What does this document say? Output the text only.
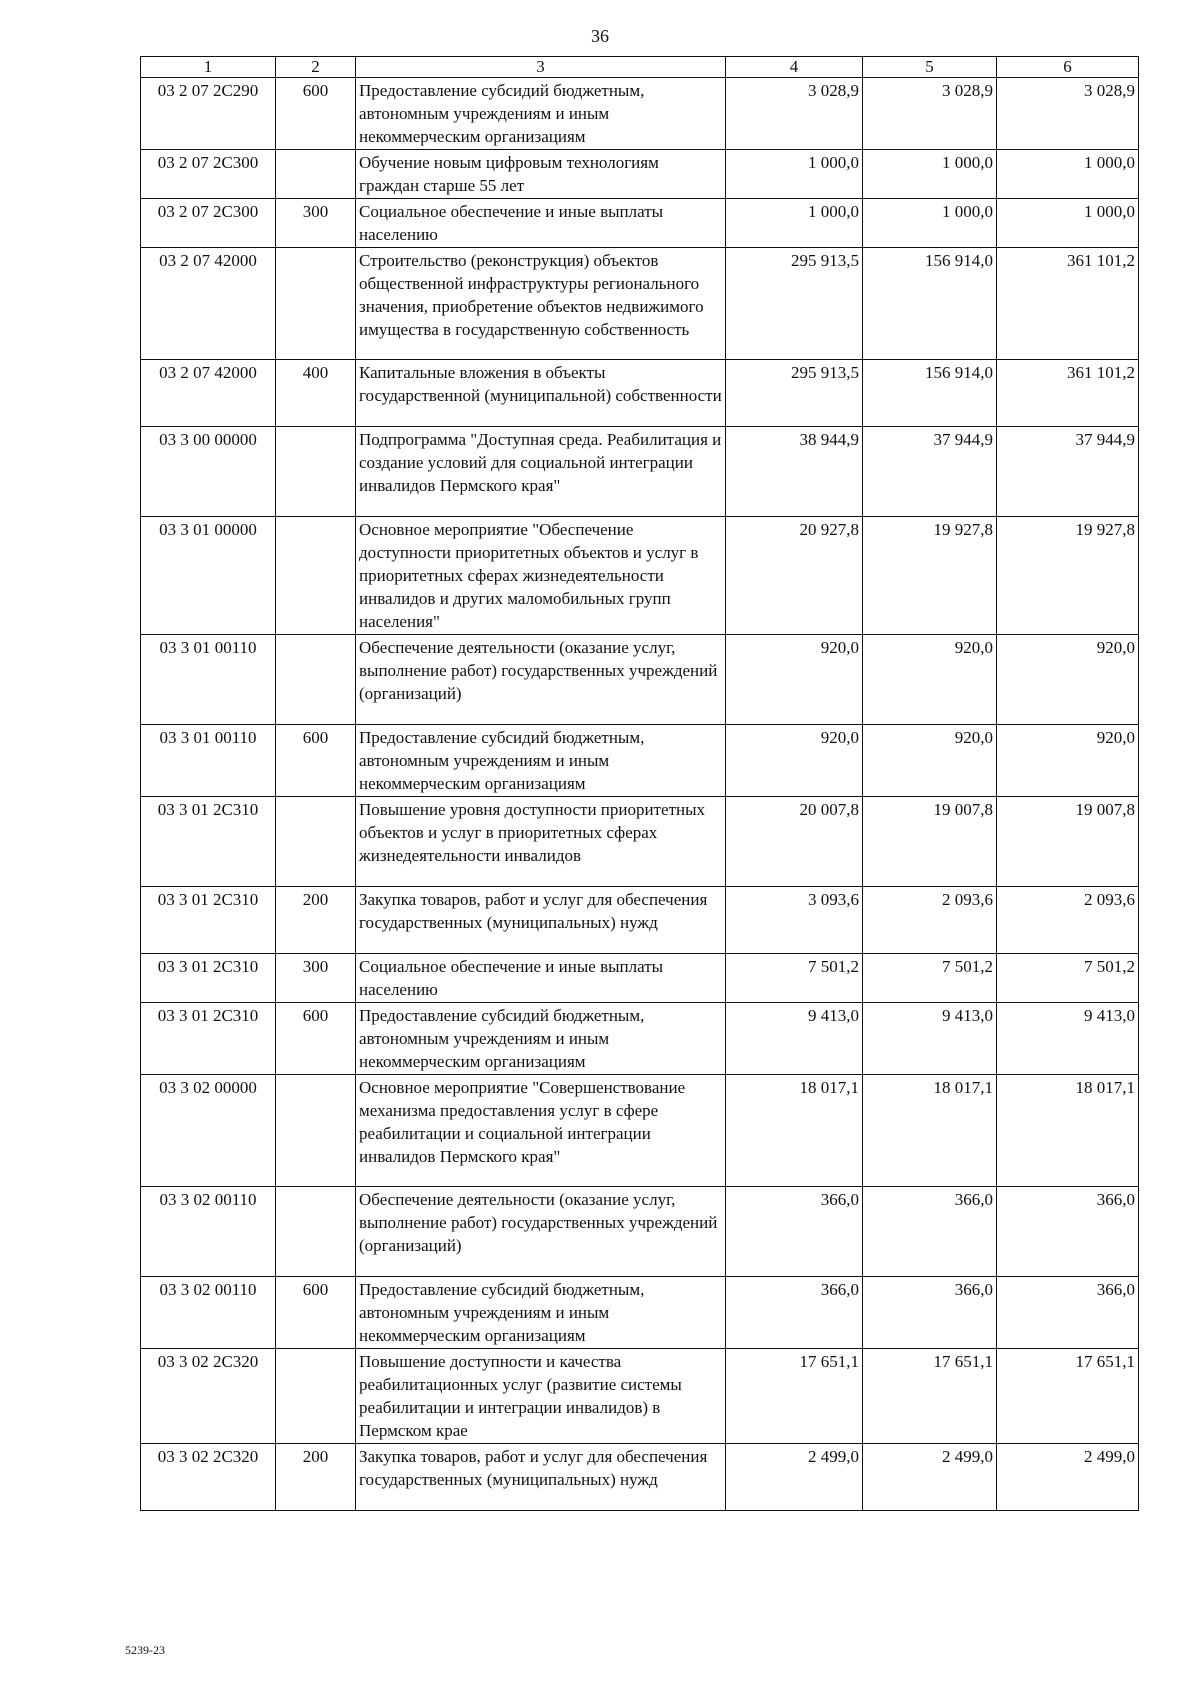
36
1	2	3	4	5	6
03 2 07 2С290	600	Предоставление субсидий бюджетным, автономным учреждениям и иным некоммерческим организациям	3 028,9	3 028,9	3 028,9
03 2 07 2С300		Обучение новым цифровым технологиям граждан старше 55 лет	1 000,0	1 000,0	1 000,0
03 2 07 2С300	300	Социальное обеспечение и иные выплаты населению	1 000,0	1 000,0	1 000,0
03 2 07 42000		Строительство (реконструкция) объектов общественной инфраструктуры регионального значения, приобретение объектов недвижимого имущества в государственную собственность	295 913,5	156 914,0	361 101,2
03 2 07 42000	400	Капитальные вложения в объекты государственной (муниципальной) собственности	295 913,5	156 914,0	361 101,2
03 3 00 00000		Подпрограмма "Доступная среда. Реабилитация и создание условий для социальной интеграции инвалидов Пермского края"	38 944,9	37 944,9	37 944,9
03 3 01 00000		Основное мероприятие "Обеспечение доступности приоритетных объектов и услуг в приоритетных сферах жизнедеятельности инвалидов и других маломобильных групп населения"	20 927,8	19 927,8	19 927,8
03 3 01 00110		Обеспечение деятельности (оказание услуг, выполнение работ) государственных учреждений (организаций)	920,0	920,0	920,0
03 3 01 00110	600	Предоставление субсидий бюджетным, автономным учреждениям и иным некоммерческим организациям	920,0	920,0	920,0
03 3 01 2С310		Повышение уровня доступности приоритетных объектов и услуг в приоритетных сферах жизнедеятельности инвалидов	20 007,8	19 007,8	19 007,8
03 3 01 2С310	200	Закупка товаров, работ и услуг для обеспечения государственных (муниципальных) нужд	3 093,6	2 093,6	2 093,6
03 3 01 2С310	300	Социальное обеспечение и иные выплаты населению	7 501,2	7 501,2	7 501,2
03 3 01 2С310	600	Предоставление субсидий бюджетным, автономным учреждениям и иным некоммерческим организациям	9 413,0	9 413,0	9 413,0
03 3 02 00000		Основное мероприятие "Совершенствование механизма предоставления услуг в сфере реабилитации и социальной интеграции инвалидов Пермского края"	18 017,1	18 017,1	18 017,1
03 3 02 00110		Обеспечение деятельности (оказание услуг, выполнение работ) государственных учреждений (организаций)	366,0	366,0	366,0
03 3 02 00110	600	Предоставление субсидий бюджетным, автономным учреждениям и иным некоммерческим организациям	366,0	366,0	366,0
03 3 02 2С320		Повышение доступности и качества реабилитационных услуг (развитие системы реабилитации и интеграции инвалидов) в Пермском крае	17 651,1	17 651,1	17 651,1
03 3 02 2С320	200	Закупка товаров, работ и услуг для обеспечения государственных (муниципальных) нужд	2 499,0	2 499,0	2 499,0
5239-23
